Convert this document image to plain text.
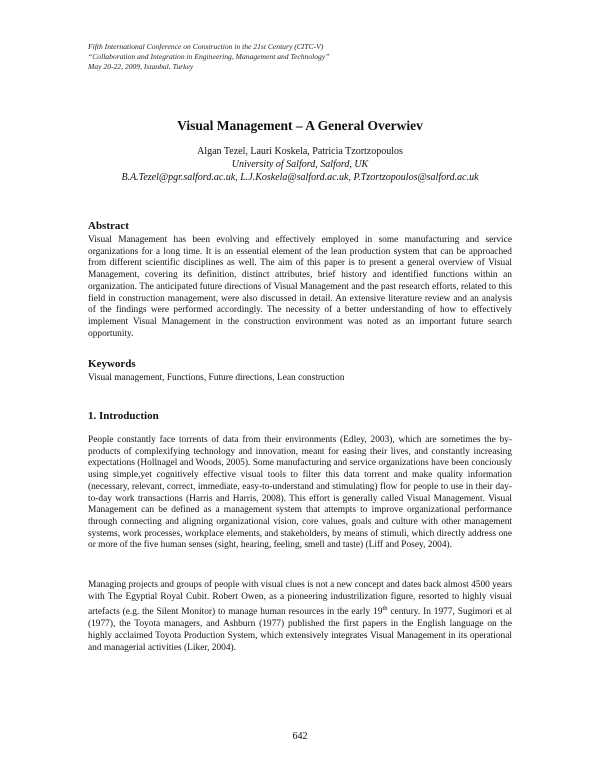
Fifth International Conference on Construction in the 21st Century (CITC-V)
“Collaboration and Integration in Engineering, Management and Technology”
May 20-22, 2009, Istanbul, Turkey
Visual Management – A General Overwiev
Algan Tezel, Lauri Koskela, Patricia Tzortzopoulos
University of Salford, Salford, UK
B.A.Tezel@pgr.salford.ac.uk, L.J.Koskela@salford.ac.uk, P.Tzortzopoulos@salford.ac.uk
Abstract
Visual Management has been evolving and effectively employed in some manufacturing and service organizations for a long time. It is an essential element of the lean production system that can be approached from different scientific disciplines as well. The aim of this paper is to present a general overview of Visual Management, covering its definition, distinct attributes, brief history and identified functions within an organization. The anticipated future directions of Visual Management and the past research efforts, related to this field in construction management, were also discussed in detail. An extensive literature review and an analysis of the findings were performed accordingly. The necessity of a better understanding of how to effectively implement Visual Management in the construction environment was noted as an important future search opportunity.
Keywords
Visual management, Functions, Future directions, Lean construction
1. Introduction
People constantly face torrents of data from their environments (Edley, 2003), which are sometimes the by-products of complexifying technology and innovation, meant for easing their lives, and constantly increasing expectations (Hollnagel and Woods, 2005). Some manufacturing and service organizations have been conciously using simple,yet cognitively effective visual tools to filter this data torrent and make quality information (necessary, relevant, correct, immediate, easy-to-understand and stimulating) flow for people to use in their day-to-day work transactions (Harris and Harris, 2008). This effort is generally called Visual Management. Visual Management can be defined as a management system that attempts to improve organizational performance through connecting and aligning organizational vision, core values, goals and culture with other management systems, work processes, workplace elements, and stakeholders, by means of stimuli, which directly address one or more of the five human senses (sight, hearing, feeling, smell and taste) (Liff and Posey, 2004).
Managing projects and groups of people with visual clues is not a new concept and dates back almost 4500 years with The Egyptial Royal Cubit. Robert Owen, as a pioneering industrilization figure, resorted to highly visual artefacts (e.g. the Silent Monitor) to manage human resources in the early 19th century. In 1977, Sugimori et al (1977), the Toyota managers, and Ashburn (1977) published the first papers in the English language on the highly acclaimed Toyota Production System, which extensively integrates Visual Management in its operational and managerial activities (Liker, 2004).
642
